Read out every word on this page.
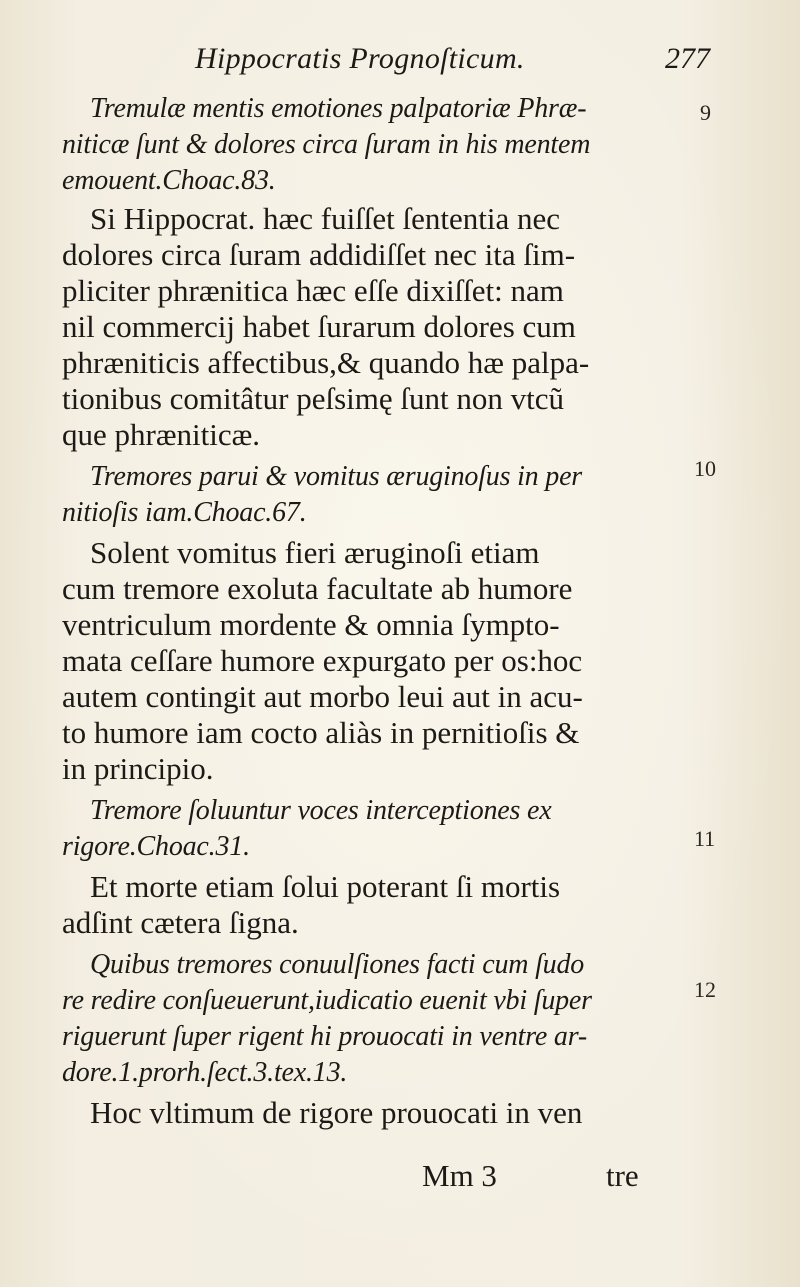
Hippocratis Prognoſticum.	277
Tremulæ mentis emotiones palpatoriæ Phræ-
niticæ ſunt & dolores circa ſuram in his mentem
emouent.Choac.83.
Si Hippocrat. hæc fuiſſet ſententia nec
dolores circa ſuram addidiſſet nec ita ſim-
pliciter phrænitica hæc eſſe dixiſſet: nam
nil commercij habet ſurarum dolores cum
phræniticis affectibus,& quando hæ palpa-
tionibus comitâtur peſsimę ſunt non vtcũ
que phræniticæ.
Tremores parui & vomitus æruginoſus in per
nitioſis iam.Choac.67.
Solent vomitus fieri æruginoſi etiam
cum tremore exoluta facultate ab humore
ventriculum mordente & omnia ſympto-
mata ceſſare humore expurgato per os:hoc
autem contingit aut morbo leui aut in acu-
to humore iam cocto aliàs in pernitioſis &
in principio.
Tremore ſoluuntur voces interceptiones ex
rigore.Choac.31.
Et morte etiam ſolui poterant ſi mortis
adſint cætera ſigna.
Quibus tremores conuulſiones facti cum ſudo
re redire conſueuerunt,iudicatio euenit vbi ſuper
riguerunt ſuper rigent hi prouocati in ventre ar-
dore.1.prorh.ſect.3.tex.13.
Hoc vltimum de rigore prouocati in ven
9
10
11
12
Mm 3	tre
